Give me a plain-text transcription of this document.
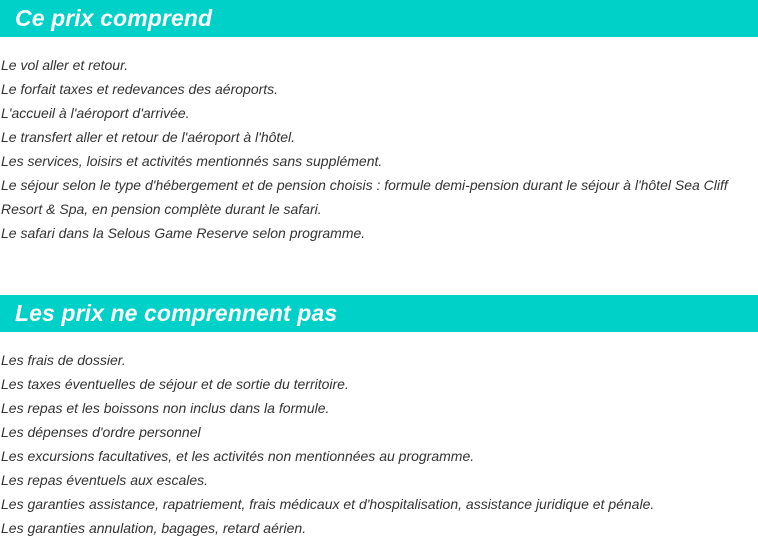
Ce prix comprend
Le vol aller et retour.
Le forfait taxes et redevances des aéroports.
L'accueil à l'aéroport d'arrivée.
Le transfert aller et retour de l'aéroport à l'hôtel.
Les services, loisirs et activités mentionnés sans supplément.
Le séjour selon le type d'hébergement et de pension choisis : formule demi-pension durant le séjour à l'hôtel Sea Cliff Resort & Spa, en pension complète durant le safari.
Le safari dans la Selous Game Reserve selon programme.
Les prix ne comprennent pas
Les frais de dossier.
Les taxes éventuelles de séjour et de sortie du territoire.
Les repas et les boissons non inclus dans la formule.
Les dépenses d'ordre personnel
Les excursions facultatives, et les activités non mentionnées au programme.
Les repas éventuels aux escales.
Les garanties assistance, rapatriement, frais médicaux et d'hospitalisation, assistance juridique et pénale.
Les garanties annulation, bagages, retard aérien.
